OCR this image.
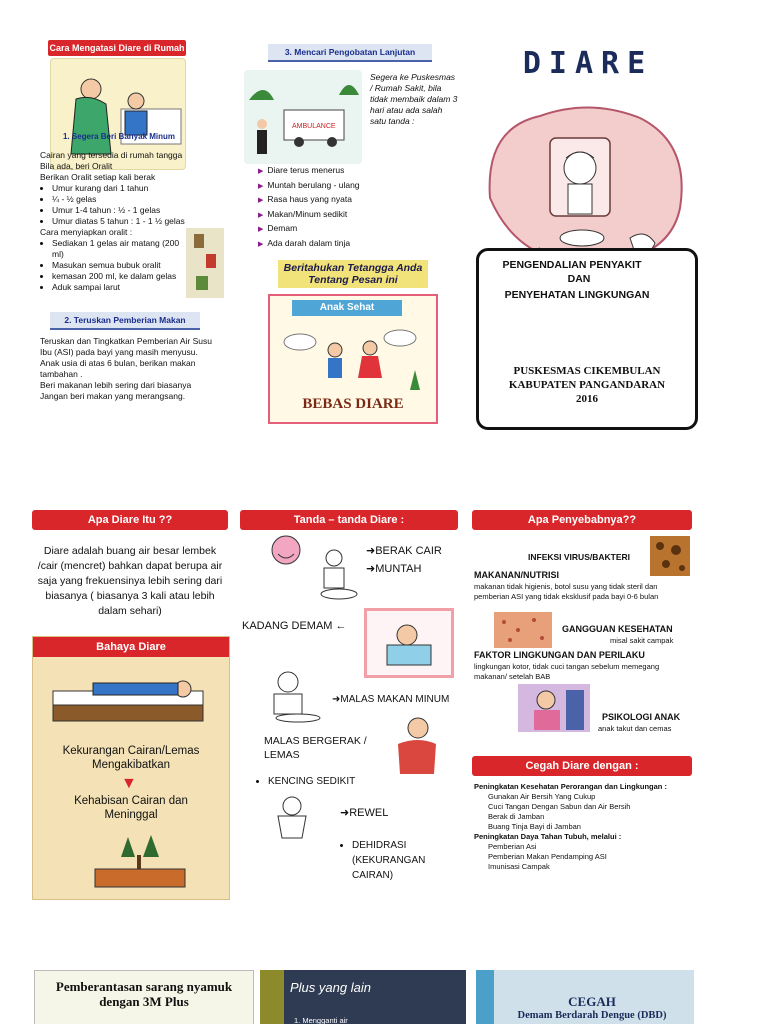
Cara Mengatasi Diare di Rumah
1. Segera Beri Banyak Minum
Cairan yang tersedia di rumah tangga
Bila ada, beri Oralit
Berikan Oralit setiap kali berak
• Umur kurang dari 1 tahun
• ¼ - ½ gelas
• Umur 1-4 tahun : ½ - 1 gelas
• Umur diatas 5 tahun : 1 - 1 ½ gelas
Cara menyiapkan oralit :
• Sediakan 1 gelas air matang (200 ml)
• Masukan semua bubuk oralit
• kemasan 200 ml, ke dalam gelas
• Aduk sampai larut
2. Teruskan Pemberian Makan
Teruskan dan Tingkatkan Pemberian Air Susu Ibu (ASI) pada bayi yang masih menyusu.
Anak usia di atas 6 bulan, berikan makan tambahan .
Beri makanan lebih sering dari biasanya Jangan beri makan yang merangsang.
3. Mencari Pengobatan Lanjutan
AMBULANCE
Segera ke Puskesmas / Rumah Sakit, bila tidak membaik dalam 3 hari atau ada salah satu tanda :
▶ Diare terus menerus
▶ Muntah berulang - ulang
▶ Rasa haus yang nyata
▶ Makan/Minum sedikit
▶ Demam
▶ Ada darah dalam tinja
Beritahukan Tetangga Anda Tentang Pesan ini
Anak Sehat
BEBAS DIARE
DIARE
PENGENDALIAN PENYAKIT
DAN
PENYEHATAN LINGKUNGAN
PUSKESMAS CIKEMBULAN
KABUPATEN PANGANDARAN
2016
Apa Diare Itu ??
Diare adalah buang air besar lembek /cair (mencret) bahkan dapat berupa air saja yang frekuensinya lebih sering dari biasanya ( biasanya 3 kali atau lebih dalam sehari)
Bahaya Diare
Kekurangan Cairan/Lemas
Mengakibatkan
▼
Kehabisan Cairan dan
Meninggal
Tanda – tanda Diare :
➜BERAK CAIR
➜MUNTAH
KADANG DEMAM ←
➜MALAS MAKAN MINUM
MALAS BERGERAK / LEMAS
• KENCING SEDIKIT
➜REWEL
• DEHIDRASI (KEKURANGAN CAIRAN)
Apa Penyebabnya??
INFEKSI VIRUS/BAKTERI
MAKANAN/NUTRISI
makanan tidak higienis, botol susu yang tidak steril dan pemberian ASI yang tidak eksklusif pada bayi 0-6 bulan
GANGGUAN KESEHATAN
misal sakit campak
FAKTOR LINGKUNGAN DAN PERILAKU
lingkungan kotor, tidak cuci tangan sebelum memegang makanan/ setelah BAB
PSIKOLOGI ANAK
anak takut dan cemas
Cegah Diare dengan :
Peningkatan Kesehatan Perorangan dan Lingkungan :
Gunakan Air Bersih Yang Cukup
Cuci Tangan Dengan Sabun dan Air Bersih
Berak di Jamban
Buang Tinja Bayi di Jamban
Peningkatan Daya Tahan Tubuh, melalui :
Pemberian Asi
Pemberian Makan Pendamping ASI
Imunisasi Campak
Pemberantasan sarang nyamuk dengan 3M Plus
Plus yang lain
1. Mengganti air
CEGAH
Demam Berdarah Dengue (DBD)
